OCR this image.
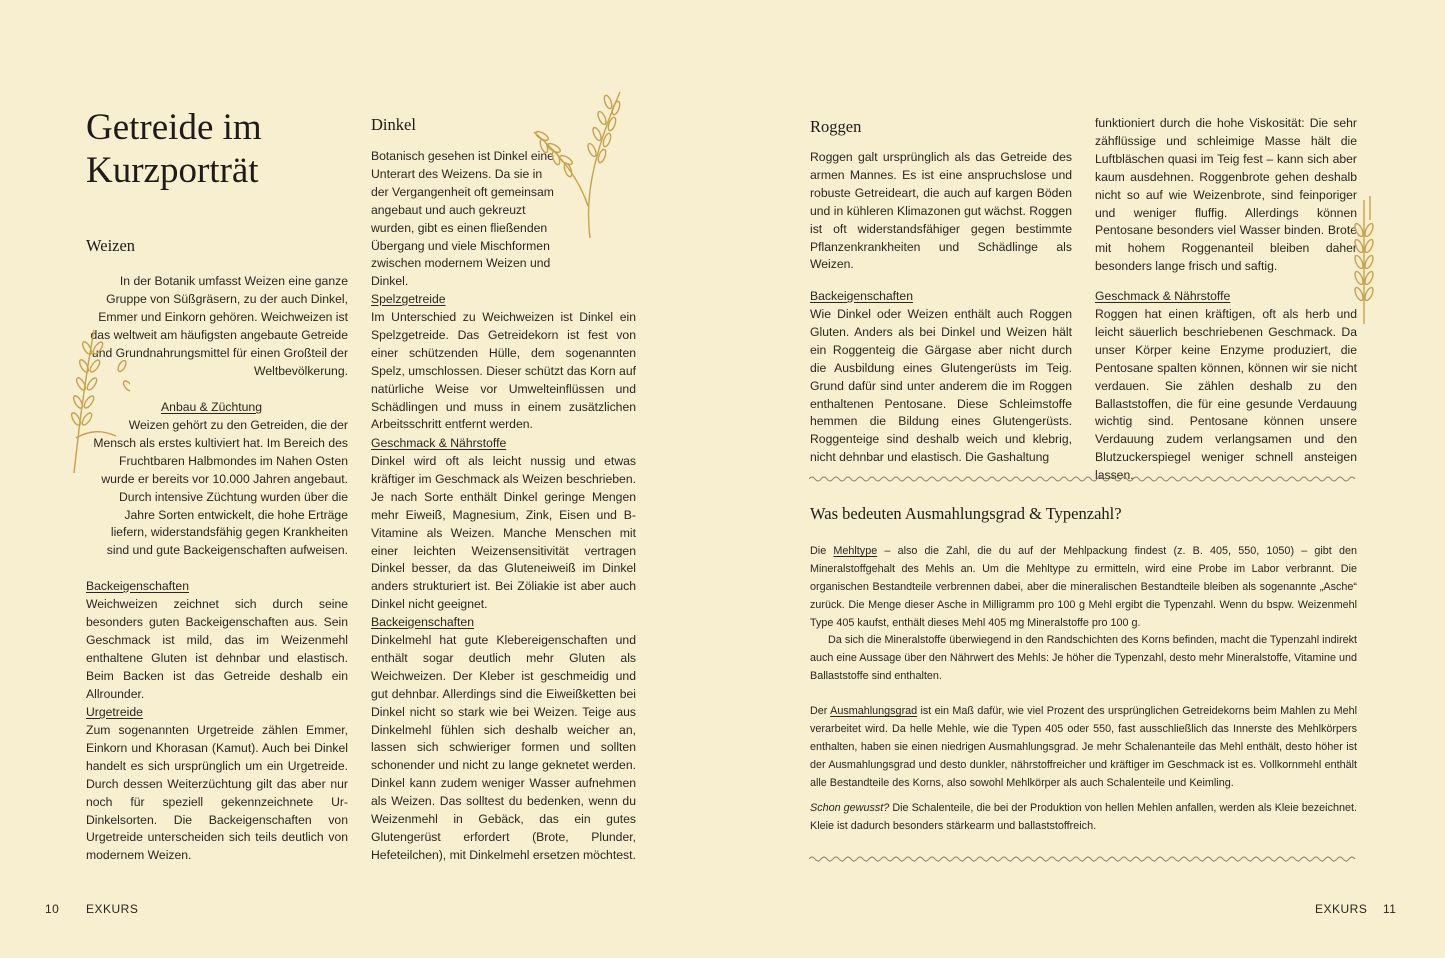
Getreide im Kurzporträt
Weizen

In der Botanik umfasst Weizen eine ganze Gruppe von Süßgräsern, zu der auch Dinkel, Emmer und Einkorn gehören. Weichweizen ist das weltweit am häufigsten angebaute Getreide und Grundnahrungsmittel für einen Großteil der Weltbevölkerung.

Anbau & Züchtung

Weizen gehört zu den Getreiden, die der Mensch als erstes kultiviert hat. Im Bereich des Fruchtbaren Halbmondes im Nahen Osten wurde er bereits vor 10.000 Jahren angebaut. Durch intensive Züchtung wurden über die Jahre Sorten entwickelt, die hohe Erträge liefern, widerstandsfähig gegen Krankheiten sind und gute Backeigenschaften aufweisen.

Backeigenschaften

Weichweizen zeichnet sich durch seine besonders guten Backeigenschaften aus. Sein Geschmack ist mild, das im Weizenmehl enthaltene Gluten ist dehnbar und elastisch. Beim Backen ist das Getreide deshalb ein Allrounder.

Urgetreide

Zum sogenannten Urgetreide zählen Emmer, Einkorn und Khorasan (Kamut). Auch bei Dinkel handelt es sich ursprünglich um ein Urgetreide. Durch dessen Weiterzüchtung gilt das aber nur noch für speziell gekennzeichnete Ur-Dinkelsorten. Die Backeigenschaften von Urgetreide unterscheiden sich teils deutlich von modernem Weizen.

Dinkel

Botanisch gesehen ist Dinkel eine Unterart des Weizens. Da sie in der Vergangenheit oft gemeinsam angebaut und auch gekreuzt wurden, gibt es einen fließenden Übergang und viele Mischformen zwischen modernem Weizen und Dinkel.

Spelzgetreide

Im Unterschied zu Weichweizen ist Dinkel ein Spelzgetreide. Das Getreidekorn ist fest von einer schützenden Hülle, dem sogenannten Spelz, umschlossen. Dieser schützt das Korn auf natürliche Weise vor Umwelteinflüssen und Schädlingen und muss in einem zusätzlichen Arbeitsschritt entfernt werden.

Geschmack & Nährstoffe

Dinkel wird oft als leicht nussig und etwas kräftiger im Geschmack als Weizen beschrieben. Je nach Sorte enthält Dinkel geringe Mengen mehr Eiweiß, Magnesium, Zink, Eisen und B-Vitamine als Weizen. Manche Menschen mit einer leichten Weizensensitivität vertragen Dinkel besser, da das Gluteneiweiß im Dinkel anders strukturiert ist. Bei Zöliakie ist aber auch Dinkel nicht geeignet.

Backeigenschaften

Dinkelmehl hat gute Klebereigenschaften und enthält sogar deutlich mehr Gluten als Weichweizen. Der Kleber ist geschmeidig und gut dehnbar. Allerdings sind die Eiweißketten bei Dinkel nicht so stark wie bei Weizen. Teige aus Dinkelmehl fühlen sich deshalb weicher an, lassen sich schwieriger formen und sollten schonender und nicht zu lange geknetet werden. Dinkel kann zudem weniger Wasser aufnehmen als Weizen. Das solltest du bedenken, wenn du Weizenmehl in Gebäck, das ein gutes Glutengerüst erfordert (Brote, Plunder, Hefeteilchen), mit Dinkelmehl ersetzen möchtest.

10 EXKURS
Roggen

Roggen galt ursprünglich als das Getreide des armen Mannes. Es ist eine anspruchslose und robuste Getreideart, die auch auf kargen Böden und in kühleren Klimazonen gut wächst. Roggen ist oft widerstandsfähiger gegen bestimmte Pflanzenkrankheiten und Schädlinge als Weizen.

Backeigenschaften

Wie Dinkel oder Weizen enthält auch Roggen Gluten. Anders als bei Dinkel und Weizen hält ein Roggenteig die Gärgase aber nicht durch die Ausbildung eines Glutengerüsts im Teig. Grund dafür sind unter anderem die im Roggen enthaltenen Pentosane. Diese Schleimstoffe hemmen die Bildung eines Glutengerüsts. Roggenteige sind deshalb weich und klebrig, nicht dehnbar und elastisch. Die Gashaltung

funktioniert durch die hohe Viskosität: Die sehr zähflüssige und schleimige Masse hält die Luftbläschen quasi im Teig fest – kann sich aber kaum ausdehnen. Roggenbrote gehen deshalb nicht so auf wie Weizenbrote, sind feinporiger und weniger fluffig. Allerdings können Pentosane besonders viel Wasser binden. Brote mit hohem Roggenanteil bleiben daher besonders lange frisch und saftig.

Geschmack & Nährstoffe

Roggen hat einen kräftigen, oft als herb und leicht säuerlich beschriebenen Geschmack. Da unser Körper keine Enzyme produziert, die Pentosane spalten können, können wir sie nicht verdauen. Sie zählen deshalb zu den Ballaststoffen, die für eine gesunde Verdauung wichtig sind. Pentosane können unsere Verdauung zudem verlangsamen und den Blutzuckerspiegel weniger schnell ansteigen lassen.

Was bedeuten Ausmahlungsgrad & Typenzahl?

Die Mehltype – also die Zahl, die du auf der Mehlpackung findest (z. B. 405, 550, 1050) – gibt den Mineralstoffgehalt des Mehls an. Um die Mehltype zu ermitteln, wird eine Probe im Labor verbrannt. Die organischen Bestandteile verbrennen dabei, aber die mineralischen Bestandteile bleiben als sogenannte „Asche“ zurück. Die Menge dieser Asche in Milligramm pro 100 g Mehl ergibt die Typenzahl. Wenn du bspw. Weizenmehl Type 405 kaufst, enthält dieses Mehl 405 mg Mineralstoffe pro 100 g.

Da sich die Mineralstoffe überwiegend in den Randschichten des Korns befinden, macht die Typenzahl indirekt auch eine Aussage über den Nährwert des Mehls: Je höher die Typenzahl, desto mehr Mineralstoffe, Vitamine und Ballaststoffe sind enthalten.

Der Ausmahlungsgrad ist ein Maß dafür, wie viel Prozent des ursprünglichen Getreidekorns beim Mahlen zu Mehl verarbeitet wird. Da helle Mehle, wie die Typen 405 oder 550, fast ausschließlich das Innerste des Mehlkörpers enthalten, haben sie einen niedrigen Ausmahlungsgrad. Je mehr Schalenanteile das Mehl enthält, desto höher ist der Ausmahlungsgrad und desto dunkler, nährstoffreicher und kräftiger im Geschmack ist es. Vollkornmehl enthält alle Bestandteile des Korns, also sowohl Mehlkörper als auch Schalenteile und Keimling.

Schon gewusst? Die Schalenteile, die bei der Produktion von hellen Mehlen anfallen, werden als Kleie bezeichnet. Kleie ist dadurch besonders stärkearm und ballaststoffreich.

EXKURS 11
